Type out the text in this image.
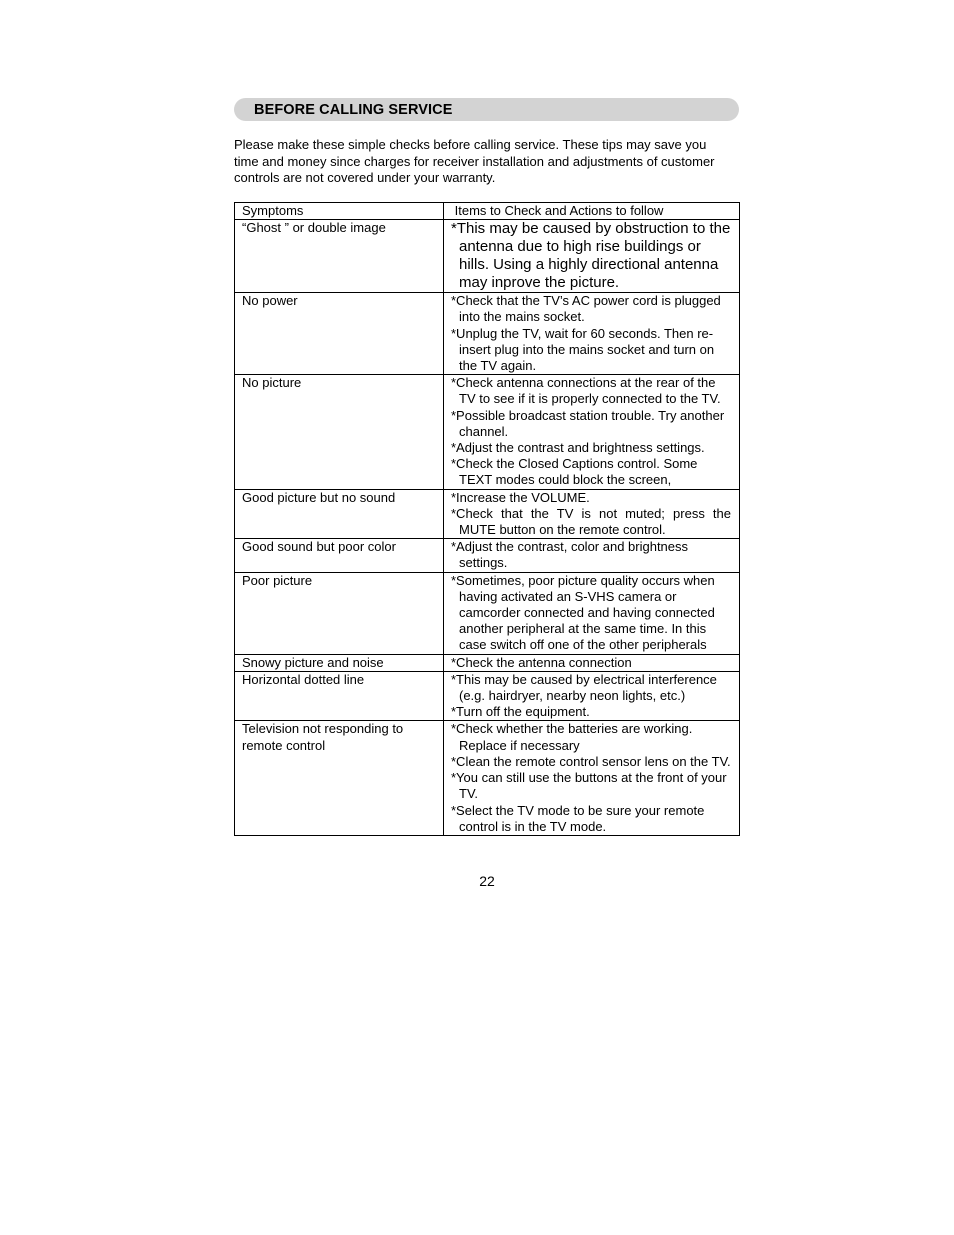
BEFORE CALLING SERVICE
Please make these simple checks before calling service. These tips may save you time and money since charges for receiver installation and adjustments of customer controls are not covered under your warranty.
Symptoms	Items to Check and Actions to follow
“Ghost ” or double image	*This may be caused by obstruction to the antenna due to high rise buildings or hills. Using a highly directional antenna may inprove the picture.

No power	*Check that the TV’s AC power cord is plugged into the mains socket.
*Unplug the TV, wait for 60 seconds. Then re-insert plug into the mains socket and turn on the TV again.

No picture	*Check antenna connections at the rear of the TV to see if it is properly connected to the TV.
*Possible broadcast station trouble. Try another channel.
*Adjust the contrast and brightness settings.
*Check the Closed Captions control. Some TEXT modes could block the screen,

Good picture but no sound	*Increase the VOLUME.
*Check that the TV is not muted; press the MUTE button on the remote control.

Good sound but poor color	*Adjust the contrast, color and brightness settings.

Poor picture	*Sometimes, poor picture quality occurs when having activated an S-VHS camera or camcorder connected and having connected another peripheral at the same time. In this case switch off one of the other peripherals

Snowy picture and noise	*Check the antenna connection

Horizontal dotted line	*This may be caused by electrical interference (e.g. hairdryer, nearby neon lights, etc.)
*Turn off the equipment.

Television not responding to remote control	*Check whether the batteries are working. Replace if necessary
*Clean the remote control sensor lens on the TV.
*You can still use the buttons at the front of your TV.
*Select the TV mode to be sure your remote control is in the TV mode.
22
